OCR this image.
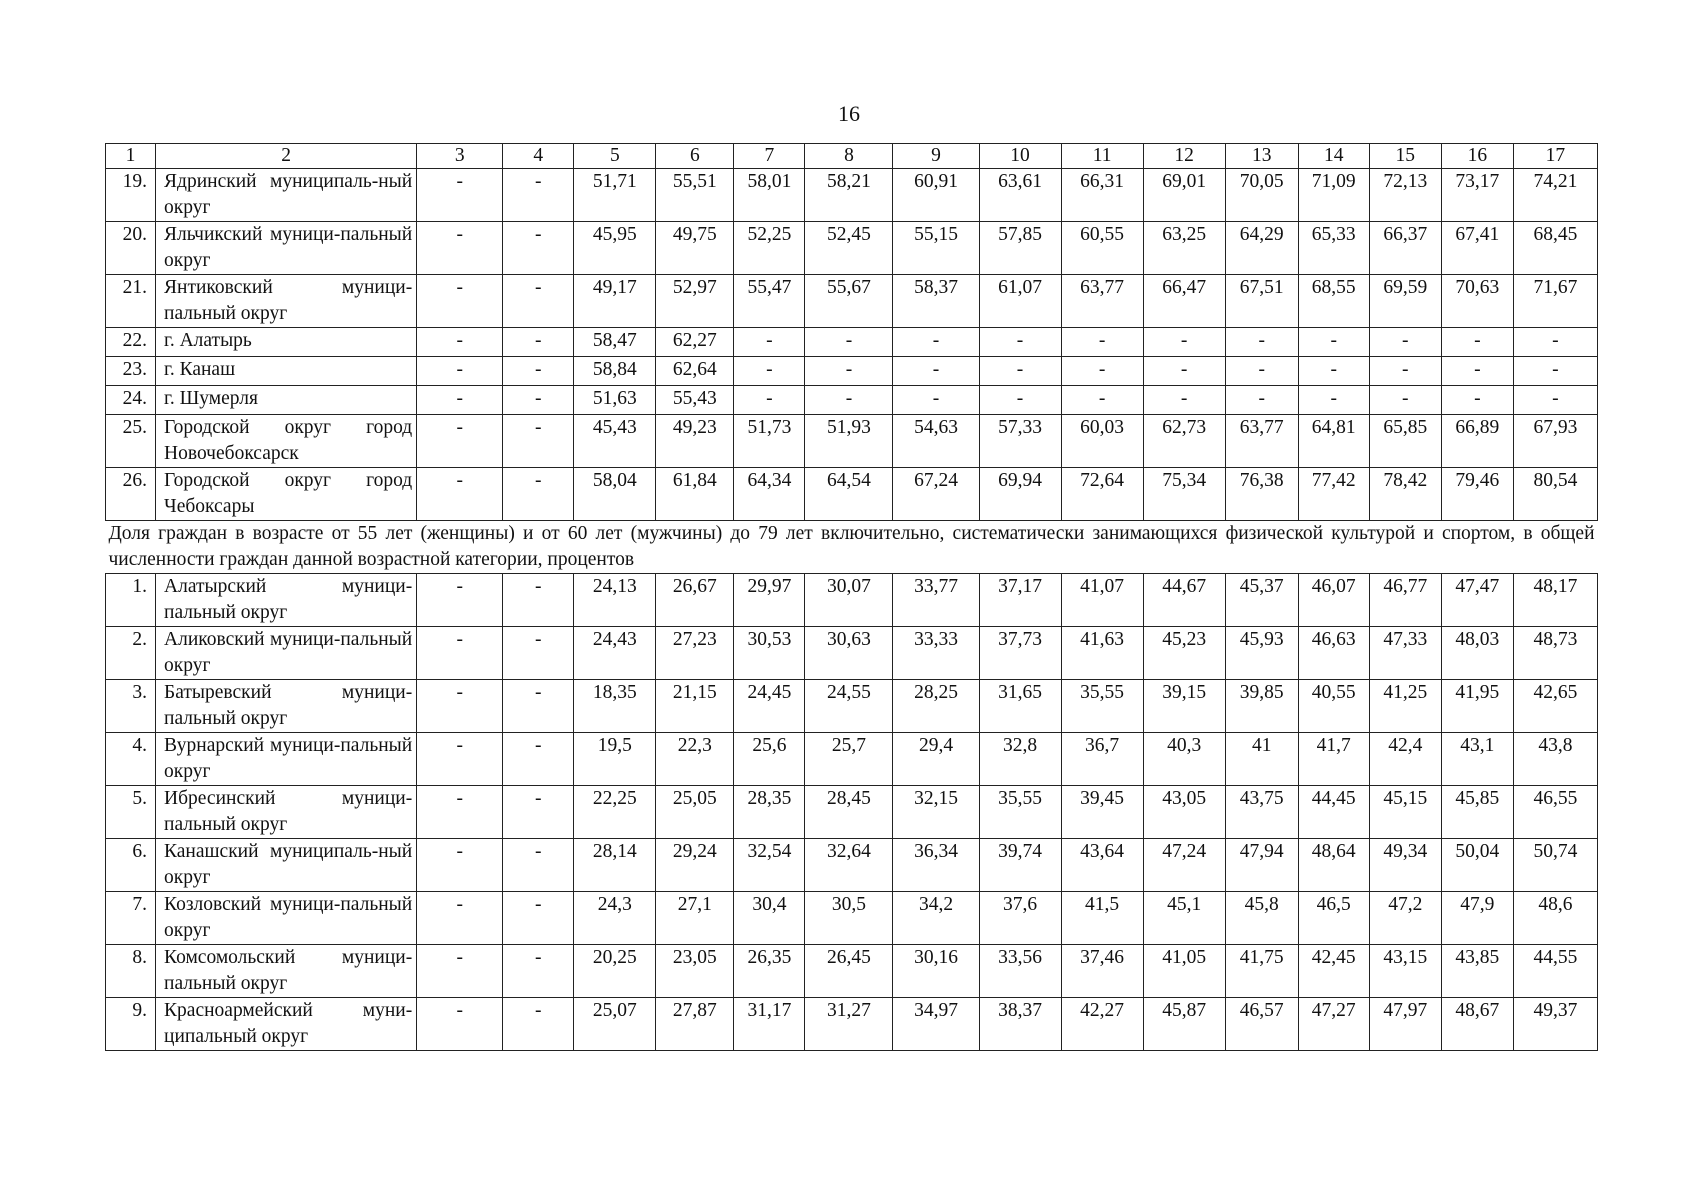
16
1	2	3	4	5	6	7	8	9	10	11	12	13	14	15	16	17
19.	Ядринский муниципаль-ный округ	-	-	51,71	55,51	58,01	58,21	60,91	63,61	66,31	69,01	70,05	71,09	72,13	73,17	74,21
20.	Яльчикский муници-пальный округ	-	-	45,95	49,75	52,25	52,45	55,15	57,85	60,55	63,25	64,29	65,33	66,37	67,41	68,45
21.	Янтиковский муници-пальный округ	-	-	49,17	52,97	55,47	55,67	58,37	61,07	63,77	66,47	67,51	68,55	69,59	70,63	71,67
22.	г. Алатырь	-	-	58,47	62,27	-	-	-	-	-	-	-	-	-	-	-
23.	г. Канаш	-	-	58,84	62,64	-	-	-	-	-	-	-	-	-	-	-
24.	г. Шумерля	-	-	51,63	55,43	-	-	-	-	-	-	-	-	-	-	-
25.	Городской округ город Новочебоксарск	-	-	45,43	49,23	51,73	51,93	54,63	57,33	60,03	62,73	63,77	64,81	65,85	66,89	67,93
26.	Городской округ город Чебоксары	-	-	58,04	61,84	64,34	64,54	67,24	69,94	72,64	75,34	76,38	77,42	78,42	79,46	80,54
Доля граждан в возрасте от 55 лет (женщины) и от 60 лет (мужчины) до 79 лет включительно, систематически занимающихся физической культурой и спортом, в общей численности граждан данной возрастной категории, процентов																
1.	Алатырский муници-пальный округ	-	-	24,13	26,67	29,97	30,07	33,77	37,17	41,07	44,67	45,37	46,07	46,77	47,47	48,17
2.	Аликовский муници-пальный округ	-	-	24,43	27,23	30,53	30,63	33,33	37,73	41,63	45,23	45,93	46,63	47,33	48,03	48,73
3.	Батыревский муници-пальный округ	-	-	18,35	21,15	24,45	24,55	28,25	31,65	35,55	39,15	39,85	40,55	41,25	41,95	42,65
4.	Вурнарский муници-пальный округ	-	-	19,5	22,3	25,6	25,7	29,4	32,8	36,7	40,3	41	41,7	42,4	43,1	43,8
5.	Ибресинский муници-пальный округ	-	-	22,25	25,05	28,35	28,45	32,15	35,55	39,45	43,05	43,75	44,45	45,15	45,85	46,55
6.	Канашский муниципаль-ный округ	-	-	28,14	29,24	32,54	32,64	36,34	39,74	43,64	47,24	47,94	48,64	49,34	50,04	50,74
7.	Козловский муници-пальный округ	-	-	24,3	27,1	30,4	30,5	34,2	37,6	41,5	45,1	45,8	46,5	47,2	47,9	48,6
8.	Комсомольский муници-пальный округ	-	-	20,25	23,05	26,35	26,45	30,16	33,56	37,46	41,05	41,75	42,45	43,15	43,85	44,55
9.	Красноармейский муни-ципальный округ	-	-	25,07	27,87	31,17	31,27	34,97	38,37	42,27	45,87	46,57	47,27	47,97	48,67	49,37
